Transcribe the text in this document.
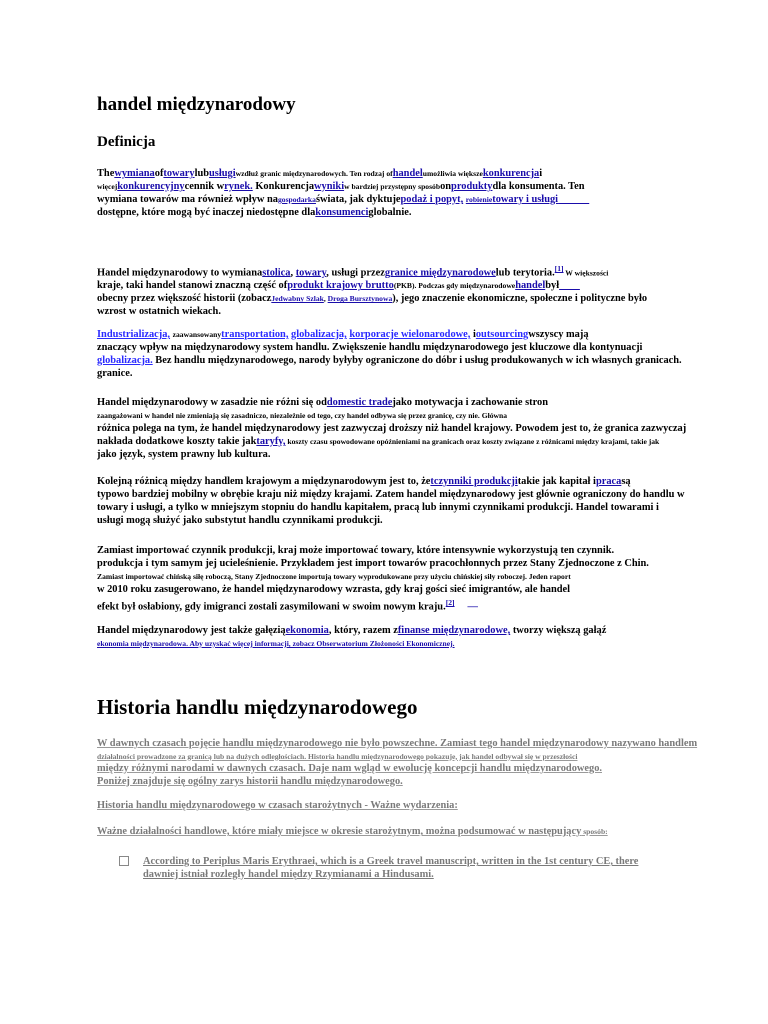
handel międzynarodowy
Definicja
Thewymianaoftowarylubusługiwzdłuż granic międzynarodowych. Ten rodzaj ofhandelumożliwia większekonkurencjai
więcejkonkurencyjnycennik wrynek. Konkurencjawynikiw bardziej przystępny sposóbonproduktydla konsumenta. Ten
wymiana towarów ma również wpływ nagospodarkaświata, jak dyktujepodaż i popyt, robienietowary i usługi
dostępne, które mogą być inaczej niedostępne dlakonsumenciglobalnie.
Handel międzynarodowy to wymianastolica, towary, usługi przezgranice międzynarodowelub terytoria.[1] W większości
kraje, taki handel stanowi znaczną część ofprodukt krajowy brutto(PKB). Podczas gdy międzynarodowehandelbył
obecny przez większość historii (zobaczJedwabny Szlak, Droga Bursztynowa), jego znaczenie ekonomiczne, społeczne i polityczne było
wzrost w ostatnich wiekach.
Industrializacja, zaawansowanytransportation, globalizacja, korporacje wielonarodowe, ioutsourcingwszyscy mają
znaczący wpływ na międzynarodowy system handlu. Zwiększenie handlu międzynarodowego jest kluczowe dla kontynuacji
globalizacja. Bez handlu międzynarodowego, narody byłyby ograniczone do dóbr i usług produkowanych w ich własnych granicach.
granice.
Handel międzynarodowy w zasadzie nie różni się oddomestic tradejako motywacja i zachowanie stron
zaangażowani w handel nie zmieniają się zasadniczo, niezależnie od tego, czy handel odbywa się przez granicę, czy nie. Główna
różnica polega na tym, że handel międzynarodowy jest zazwyczaj droższy niż handel krajowy. Powodem jest to, że granica zazwyczaj
nakłada dodatkowe koszty takie jaktaryfy, koszty czasu spowodowane opóźnieniami na granicach oraz koszty związane z różnicami między krajami, takie jak
jako język, system prawny lub kultura.
Kolejną różnicą między handlem krajowym a międzynarodowym jest to, żetczynniki produkcjitakie jak kapitał ipracasą
typowo bardziej mobilny w obrębie kraju niż między krajami. Zatem handel międzynarodowy jest głównie ograniczony do handlu w
towary i usługi, a tylko w mniejszym stopniu do handlu kapitałem, pracą lub innymi czynnikami produkcji. Handel towarami i
usługi mogą służyć jako substytut handlu czynnikami produkcji.
Zamiast importować czynnik produkcji, kraj może importować towary, które intensywnie wykorzystują ten czynnik.
produkcja i tym samym jej ucieleśnienie. Przykładem jest import towarów pracochłonnych przez Stany Zjednoczone z Chin.
Zamiast importować chińską siłę roboczą, Stany Zjednoczone importują towary wyprodukowane przy użyciu chińskiej siły roboczej. Jeden raport
w 2010 roku zasugerowano, że handel międzynarodowy wzrasta, gdy kraj gości sieć imigrantów, ale handel
efekt był osłabiony, gdy imigranci zostali zasymilowani w swoim nowym kraju.[2] —
Handel międzynarodowy jest także gałęziąekonomia, który, razem zfinanse międzynarodowe, tworzy większą gałąź
ekonomia międzynarodowa. Aby uzyskać więcej informacji, zobacz Obserwatorium Złożoności Ekonomicznej.
Historia handlu międzynarodowego
W dawnych czasach pojęcie handlu międzynarodowego nie było powszechne. Zamiast tego handel międzynarodowy nazywano handlem
działalności prowadzone za granicą lub na dużych odległościach. Historia handlu międzynarodowego pokazuje, jak handel odbywał się w przeszłości
między różnymi narodami w dawnych czasach. Daje nam wgląd w ewolucję koncepcji handlu międzynarodowego.
Poniżej znajduje się ogólny zarys historii handlu międzynarodowego.
Historia handlu międzynarodowego w czasach starożytnych - Ważne wydarzenia:
Ważne działalności handlowe, które miały miejsce w okresie starożytnym, można podsumować w następujący sposób:
According to Periplus Maris Erythraei, which is a Greek travel manuscript, written in the 1st century CE, there
dawniej istniał rozległy handel między Rzymianami a Hindusami.
